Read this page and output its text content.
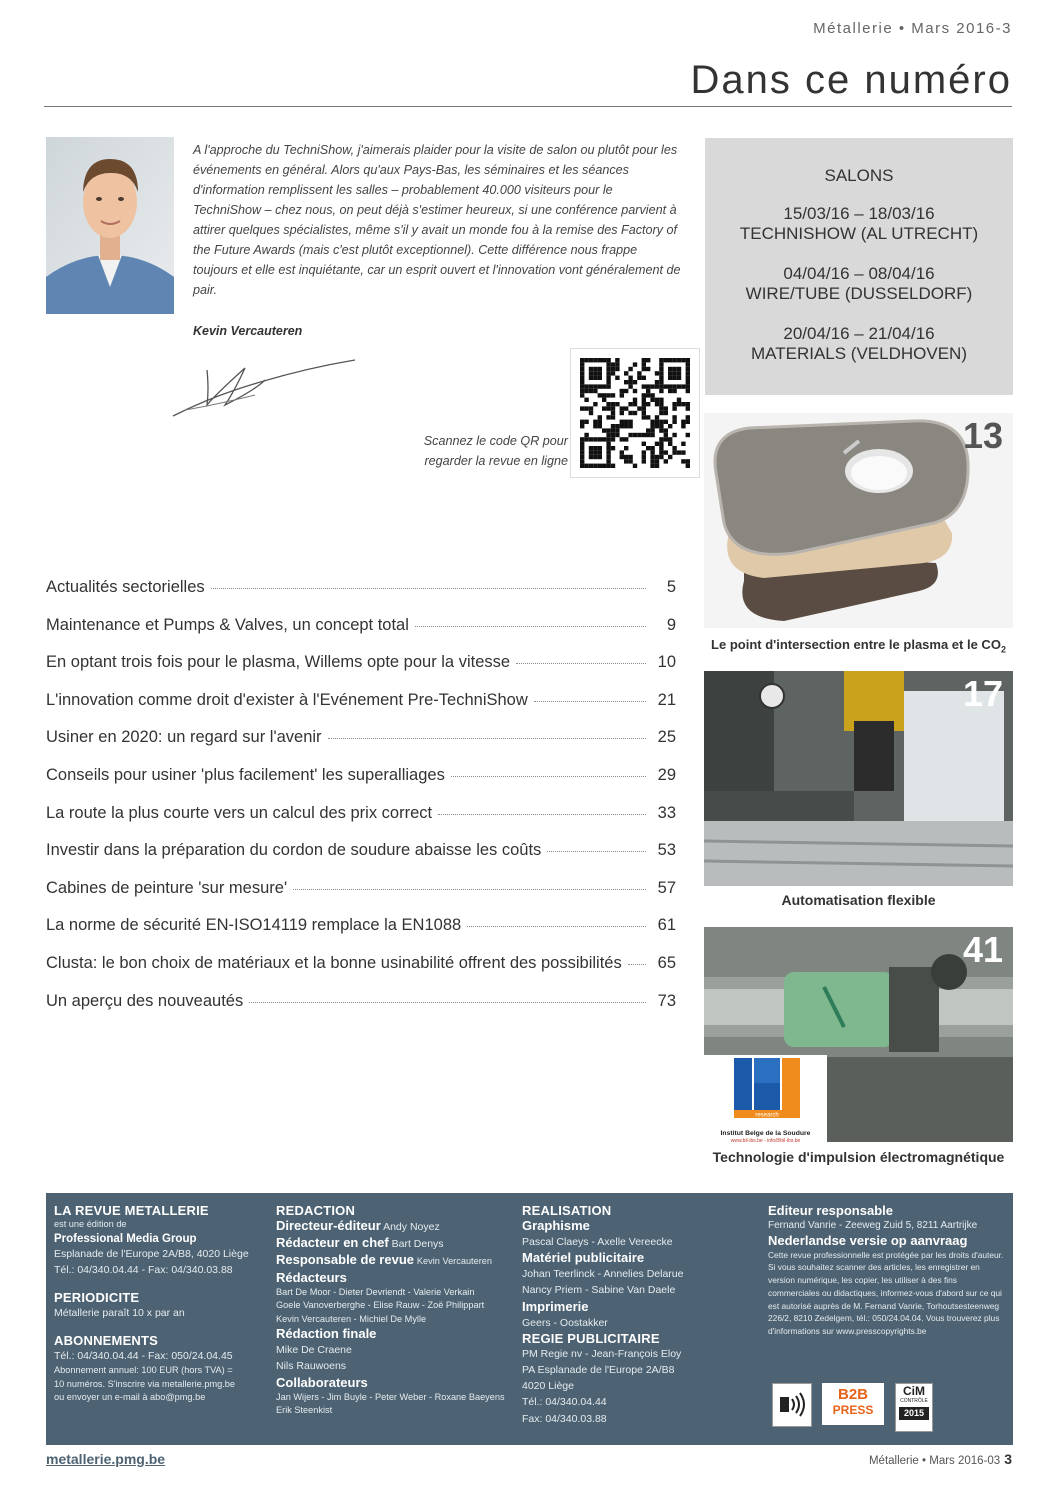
Métallerie • Mars 2016-3
Dans ce numéro
A l'approche du TechniShow, j'aimerais plaider pour la visite de salon ou plutôt pour les événements en général. Alors qu'aux Pays-Bas, les séminaires et les séances d'information remplissent les salles – probablement 40.000 visiteurs pour le TechniShow – chez nous, on peut déjà s'estimer heureux, si une conférence parvient à attirer quelques spécialistes, même s'il y avait un monde fou à la remise des Factory of the Future Awards (mais c'est plutôt exceptionnel). Cette différence nous frappe toujours et elle est inquiétante, car un esprit ouvert et l'innovation vont généralement de pair.
Kevin Vercauteren
Scannez le code QR pour regarder la revue en ligne
SALONS
15/03/16 – 18/03/16
TECHNISHOW (AL UTRECHT)
04/04/16 – 08/04/16
WIRE/TUBE (DUSSELDORF)
20/04/16 – 21/04/16
MATERIALS (VELDHOVEN)
13
Le point d'intersection entre le plasma et le $CO_2$
17
Automatisation flexible
41
research
Institut Belge de la Soudure
www.bil-ibs.be - info@bil-ibs.be
Technologie d'impulsion électromagnétique
Actualités sectorielles	5
Maintenance et Pumps & Valves, un concept total	9
En optant trois fois pour le plasma, Willems opte pour la vitesse	10
L'innovation comme droit d'exister à l'Evénement Pre-TechniShow	21
Usiner en 2020: un regard sur l'avenir	25
Conseils pour usiner 'plus facilement' les superalliages	29
La route la plus courte vers un calcul des prix correct	33
Investir dans la préparation du cordon de soudure abaisse les coûts	53
Cabines de peinture 'sur mesure'	57
La norme de sécurité EN-ISO14119 remplace la EN1088	61
Clusta: le bon choix de matériaux et la bonne usinabilité offrent des possibilités	65
Un aperçu des nouveautés	73
LA REVUE METALLERIE
est une édition de
Professional Media Group
Esplanade de l'Europe 2A/B8, 4020 Liège
Tél.: 04/340.04.44 - Fax: 04/340.03.88
PERIODICITE
Métallerie paraît 10 x par an
ABONNEMENTS
Tél.: 04/340.04.44 - Fax: 050/24.04.45
Abonnement annuel: 100 EUR (hors TVA) =
10 numéros. S'inscrire via metallerie.pmg.be
ou envoyer un e-mail à abo@pmg.be
REDACTION
Directeur-éditeur Andy Noyez
Rédacteur en chef Bart Denys
Responsable de revue Kevin Vercauteren
Rédacteurs
Bart De Moor - Dieter Devriendt - Valerie Verkain
Goele Vanoverberghe - Elise Rauw - Zoë Philippart
Kevin Vercauteren - Michiel De Mylle
Rédaction finale
Mike De Craene
Nils Rauwoens
Collaborateurs
Jan Wijers - Jim Buyle - Peter Weber - Roxane Baeyens
Erik Steenkist
REALISATION
Graphisme
Pascal Claeys - Axelle Vereecke
Matériel publicitaire
Johan Teerlinck - Annelies Delarue
Nancy Priem - Sabine Van Daele
Imprimerie
Geers - Oostakker
REGIE PUBLICITAIRE
PM Regie nv - Jean-François Eloy
PA Esplanade de l'Europe 2A/B8
4020 Liège
Tél.: 04/340.04.44
Fax: 04/340.03.88
Editeur responsable
Fernand Vanrie - Zeeweg Zuid 5, 8211 Aartrijke
Nederlandse versie op aanvraag
Cette revue professionnelle est protégée par les droits d'auteur. Si vous souhaitez scanner des articles, les enregistrer en version numérique, les copier, les utiliser à des fins commerciales ou didactiques, informez-vous d'abord sur ce qui est autorisé auprès de M. Fernand Vanrie, Torhoutsesteenweg 226/2, 8210 Zedelgem, tél.: 050/24.04.04. Vous trouverez plus d'informations sur www.presscopyrights.be
B2B
PRESS
CiM
CONTRÔLE
2015
metallerie.pmg.be	Métallerie • Mars 2016-03 3
